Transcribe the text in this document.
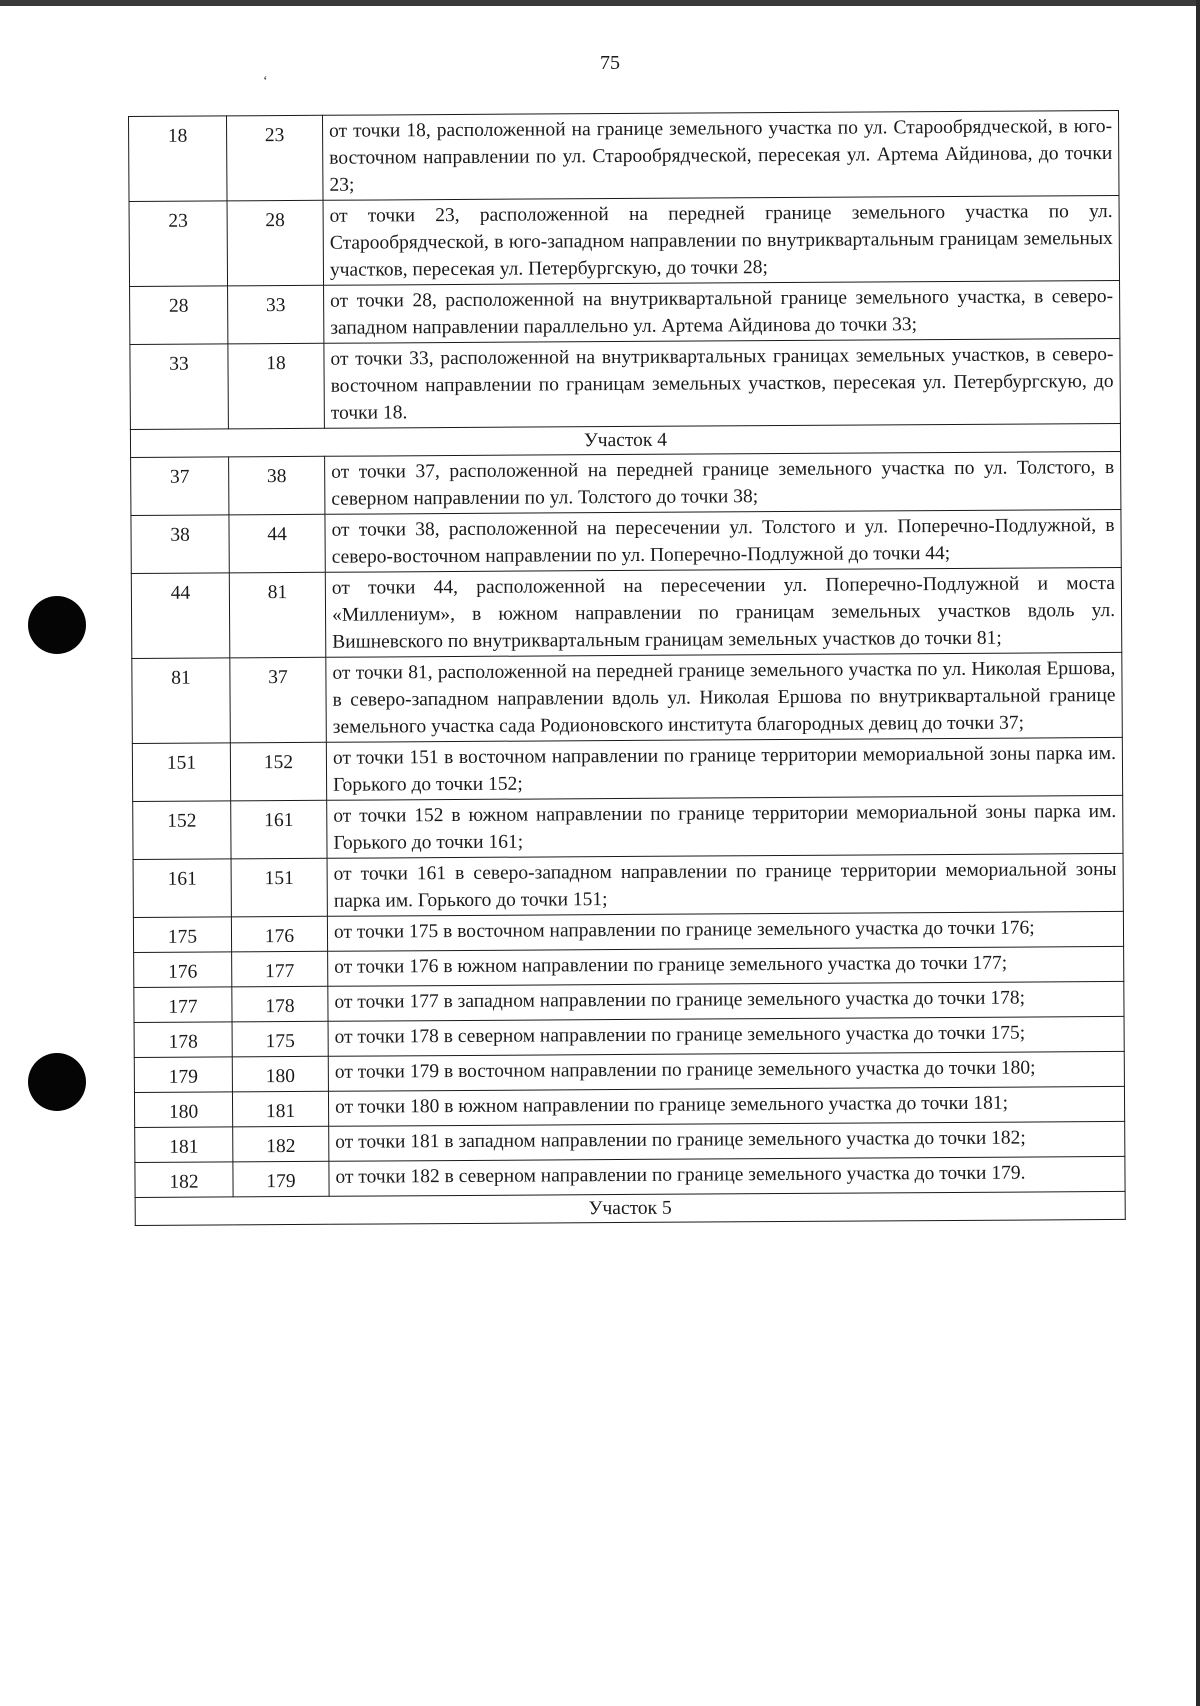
75
ʻ
18	23	от точки 18, расположенной на границе земельного участка по ул. Старообрядческой, в юго-восточном направлении по ул. Старообрядческой, пересекая ул. Артема Айдинова, до точки 23;
23	28	от точки 23, расположенной на передней границе земельного участка по ул. Старообрядческой, в юго-западном направлении по внутриквартальным границам земельных участков, пересекая ул. Петербургскую, до точки 28;
28	33	от точки 28, расположенной на внутриквартальной границе земельного участка, в северо-западном направлении параллельно ул. Артема Айдинова до точки 33;
33	18	от точки 33, расположенной на внутриквартальных границах земельных участков, в северо-восточном направлении по границам земельных участков, пересекая ул. Петербургскую, до точки 18.
Участок 4		
37	38	от точки 37, расположенной на передней границе земельного участка по ул. Толстого, в северном направлении по ул. Толстого до точки 38;
38	44	от точки 38, расположенной на пересечении ул. Толстого и ул. Поперечно-Подлужной, в северо-восточном направлении по ул. Поперечно-Подлужной до точки 44;
44	81	от точки 44, расположенной на пересечении ул. Поперечно-Подлужной и моста «Миллениум», в южном направлении по границам земельных участков вдоль ул. Вишневского по внутриквартальным границам земельных участков до точки 81;
81	37	от точки 81, расположенной на передней границе земельного участка по ул. Николая Ершова, в северо-западном направлении вдоль ул. Николая Ершова по внутриквартальной границе земельного участка сада Родионовского института благородных девиц до точки 37;
151	152	от точки 151 в восточном направлении по границе территории мемориальной зоны парка им. Горького до точки 152;
152	161	от точки 152 в южном направлении по границе территории мемориальной зоны парка им. Горького до точки 161;
161	151	от точки 161 в северо-западном направлении по границе территории мемориальной зоны парка им. Горького до точки 151;
175	176	от точки 175 в восточном направлении по границе земельного участка до точки 176;
176	177	от точки 176 в южном направлении по границе земельного участка до точки 177;
177	178	от точки 177 в западном направлении по границе земельного участка до точки 178;
178	175	от точки 178 в северном направлении по границе земельного участка до точки 175;
179	180	от точки 179 в восточном направлении по границе земельного участка до точки 180;
180	181	от точки 180 в южном направлении по границе земельного участка до точки 181;
181	182	от точки 181 в западном направлении по границе земельного участка до точки 182;
182	179	от точки 182 в северном направлении по границе земельного участка до точки 179.
Участок 5		
